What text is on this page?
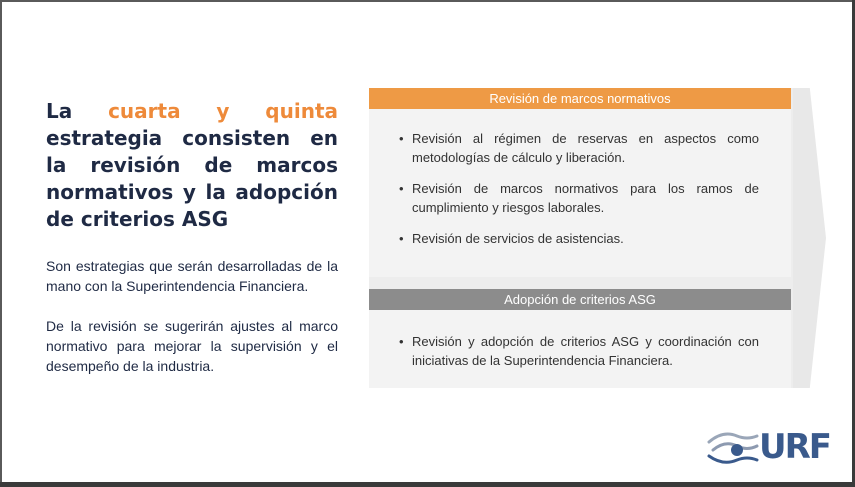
La cuarta y quinta estrategia consisten en la revisión de marcos normativos y la adopción de criterios ASG
Son estrategias que serán desarrolladas de la mano con la Superintendencia Financiera.
De la revisión se sugerirán ajustes al marco normativo para mejorar la supervisión y el desempeño de la industria.
Revisión de marcos normativos
• Revisión al régimen de reservas en aspectos como metodologías de cálculo y liberación.
• Revisión de marcos normativos para los ramos de cumplimiento y riesgos laborales.
• Revisión de servicios de asistencias.
Adopción de criterios ASG
• Revisión y adopción de criterios ASG y coordinación con iniciativas de la Superintendencia Financiera.
URF
